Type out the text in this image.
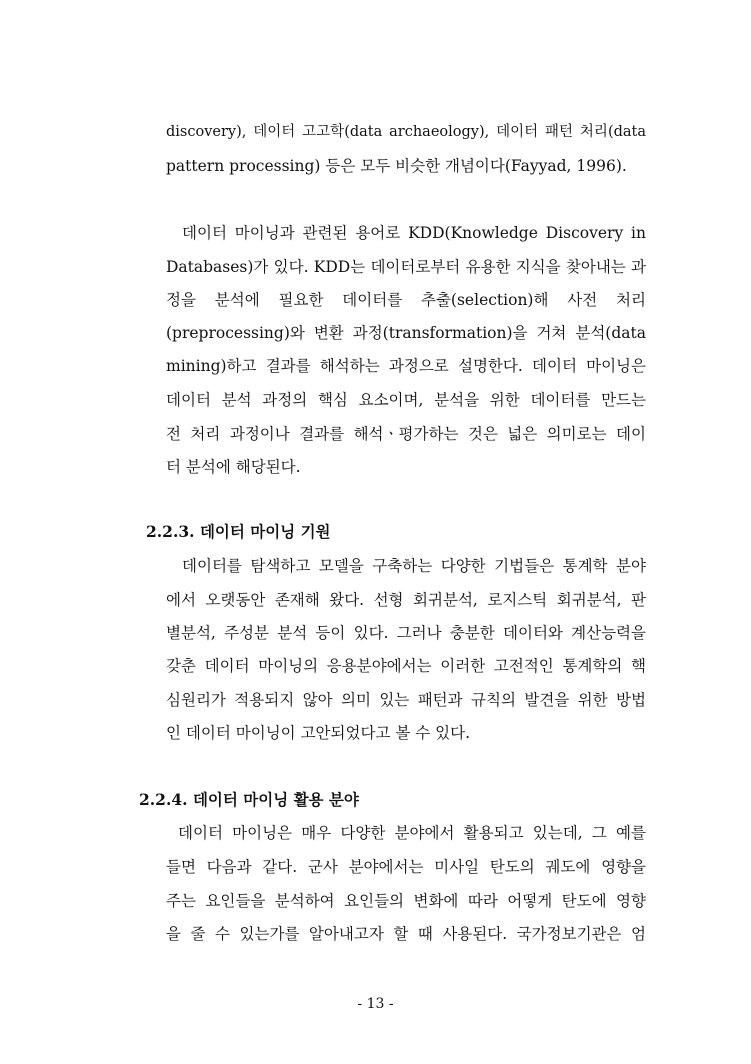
discovery), 데이터 고고학(data archaeology), 데이터 패턴 처리(data
pattern processing) 등은 모두 비슷한 개념이다(Fayyad, 1996).
데이터 마이닝과 관련된 용어로 KDD(Knowledge Discovery in
Databases)가 있다. KDD는 데이터로부터 유용한 지식을 찾아내는 과
정을 분석에 필요한 데이터를 추출(selection)해 사전 처리
(preprocessing)와 변환 과정(transformation)을 거쳐 분석(data
mining)하고 결과를 해석하는 과정으로 설명한다. 데이터 마이닝은
데이터 분석 과정의 핵심 요소이며, 분석을 위한 데이터를 만드는
전 처리 과정이나 결과를 해석ㆍ평가하는 것은 넓은 의미로는 데이
터 분석에 해당된다.
2.2.3. 데이터 마이닝 기원
데이터를 탐색하고 모델을 구축하는 다양한 기법들은 통계학 분야
에서 오랫동안 존재해 왔다. 선형 회귀분석, 로지스틱 회귀분석, 판
별분석, 주성분 분석 등이 있다. 그러나 충분한 데이터와 계산능력을
갖춘 데이터 마이닝의 응용분야에서는 이러한 고전적인 통계학의 핵
심원리가 적용되지 않아 의미 있는 패턴과 규칙의 발견을 위한 방법
인 데이터 마이닝이 고안되었다고 볼 수 있다.
2.2.4. 데이터 마이닝 활용 분야
데이터 마이닝은 매우 다양한 분야에서 활용되고 있는데, 그 예를
들면 다음과 같다. 군사 분야에서는 미사일 탄도의 궤도에 영향을
주는 요인들을 분석하여 요인들의 변화에 따라 어떻게 탄도에 영향
을 줄 수 있는가를 알아내고자 할 때 사용된다. 국가정보기관은 엄
- 13 -
